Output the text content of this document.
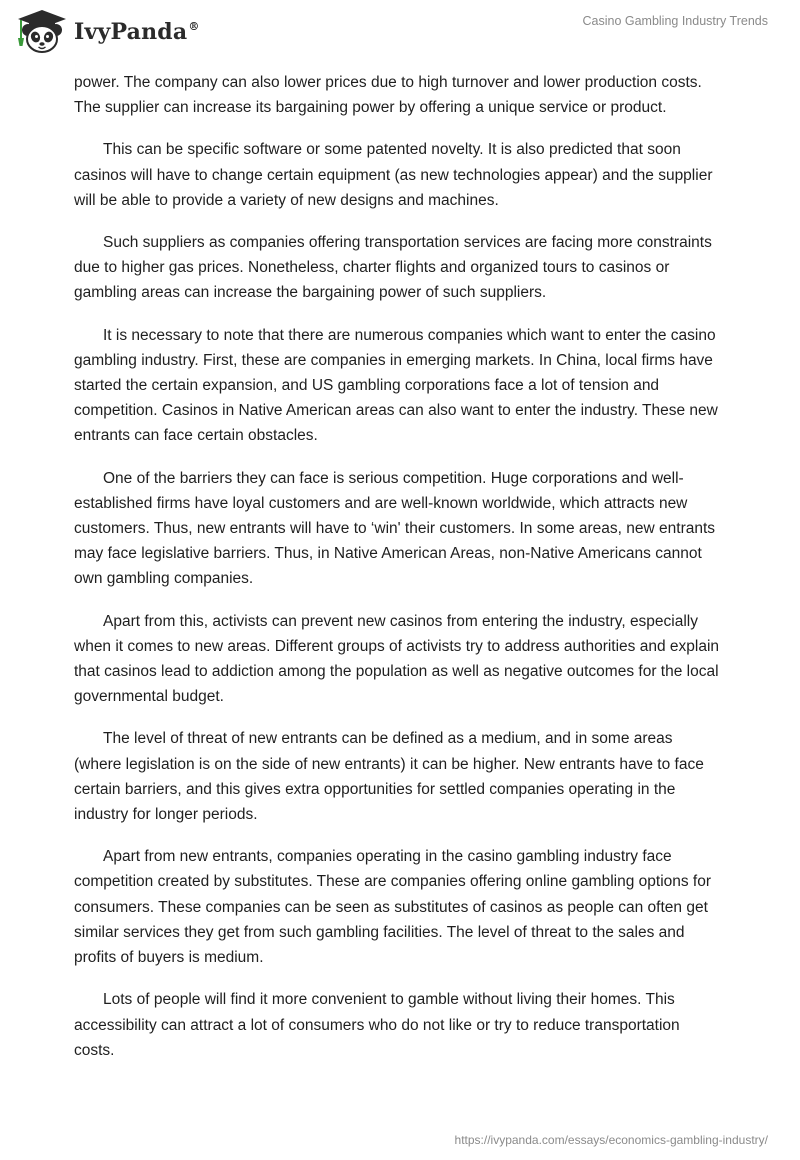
IvyPanda®	Casino Gambling Industry Trends

power. The company can also lower prices due to high turnover and lower production costs. The supplier can increase its bargaining power by offering a unique service or product.

This can be specific software or some patented novelty. It is also predicted that soon casinos will have to change certain equipment (as new technologies appear) and the supplier will be able to provide a variety of new designs and machines.

Such suppliers as companies offering transportation services are facing more constraints due to higher gas prices. Nonetheless, charter flights and organized tours to casinos or gambling areas can increase the bargaining power of such suppliers.

It is necessary to note that there are numerous companies which want to enter the casino gambling industry. First, these are companies in emerging markets. In China, local firms have started the certain expansion, and US gambling corporations face a lot of tension and competition. Casinos in Native American areas can also want to enter the industry. These new entrants can face certain obstacles.

One of the barriers they can face is serious competition. Huge corporations and well-established firms have loyal customers and are well-known worldwide, which attracts new customers. Thus, new entrants will have to ‘win' their customers. In some areas, new entrants may face legislative barriers. Thus, in Native American Areas, non-Native Americans cannot own gambling companies.

Apart from this, activists can prevent new casinos from entering the industry, especially when it comes to new areas. Different groups of activists try to address authorities and explain that casinos lead to addiction among the population as well as negative outcomes for the local governmental budget.

The level of threat of new entrants can be defined as a medium, and in some areas (where legislation is on the side of new entrants) it can be higher. New entrants have to face certain barriers, and this gives extra opportunities for settled companies operating in the industry for longer periods.

Apart from new entrants, companies operating in the casino gambling industry face competition created by substitutes. These are companies offering online gambling options for consumers. These companies can be seen as substitutes of casinos as people can often get similar services they get from such gambling facilities. The level of threat to the sales and profits of buyers is medium.

Lots of people will find it more convenient to gamble without living their homes. This accessibility can attract a lot of consumers who do not like or try to reduce transportation costs.

https://ivypanda.com/essays/economics-gambling-industry/
